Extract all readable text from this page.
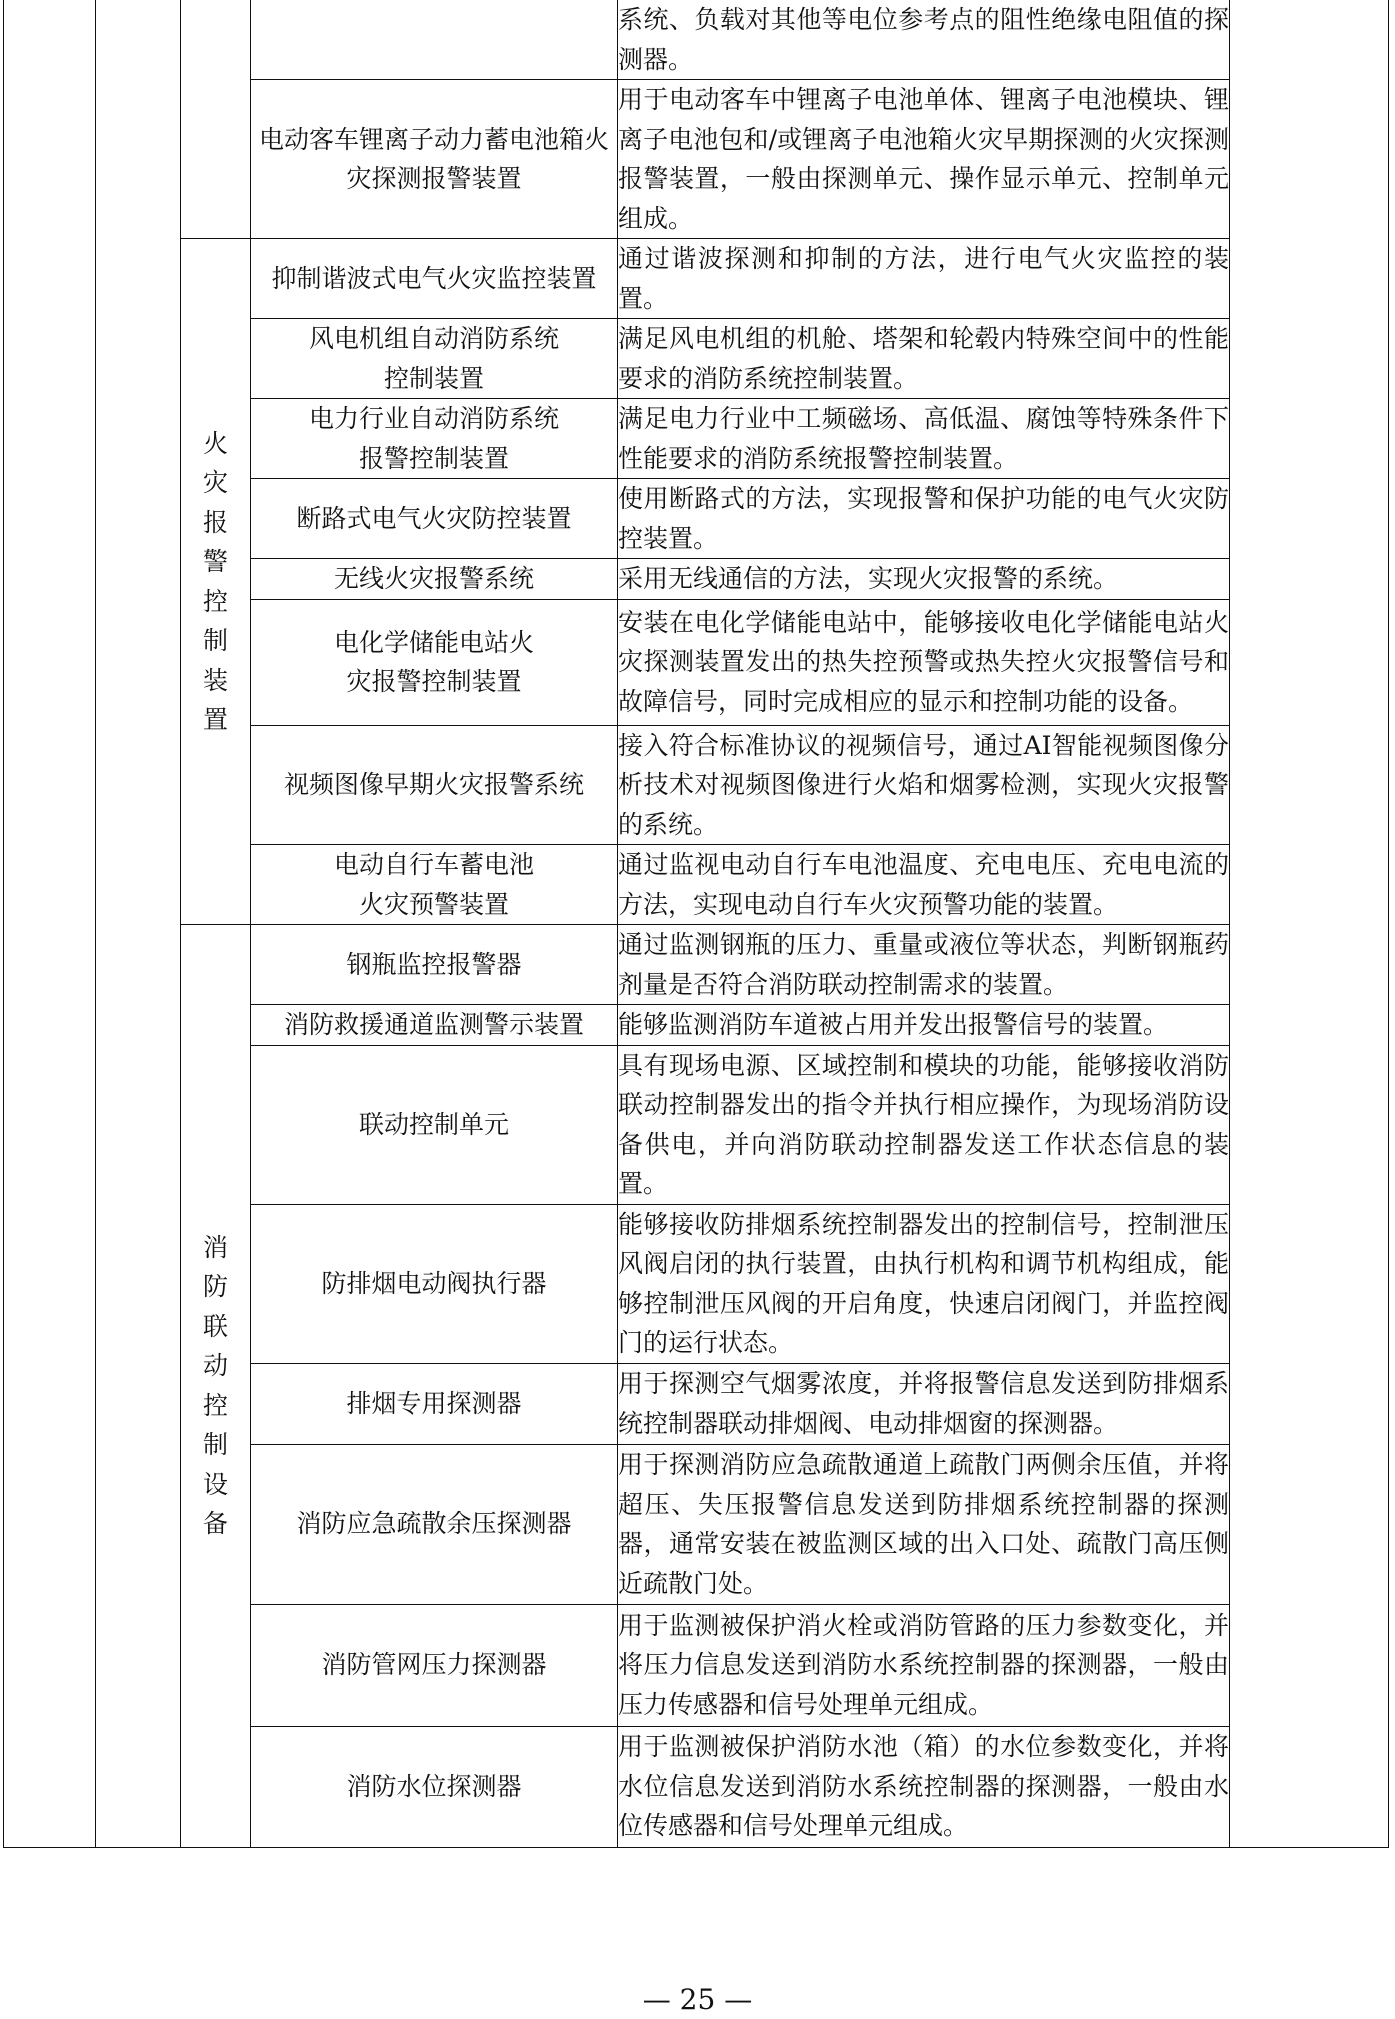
				系统、负载对其他等电位参考点的阻性绝缘电阻值的探测器。	
			电动客车锂离子动力蓄电池箱火灾探测报警装置	用于电动客车中锂离子电池单体、锂离子电池模块、锂离子电池包和/或锂离子电池箱火灾早期探测的火灾探测报警装置，一般由探测单元、操作显示单元、控制单元组成。	

		火灾报警控制装置	抑制谐波式电气火灾监控装置	通过谐波探测和抑制的方法，进行电气火灾监控的装置。	
			风电机组自动消防系统控制装置	满足风电机组的机舱、塔架和轮毂内特殊空间中的性能要求的消防系统控制装置。	
			电力行业自动消防系统报警控制装置	满足电力行业中工频磁场、高低温、腐蚀等特殊条件下性能要求的消防系统报警控制装置。	
			断路式电气火灾防控装置	使用断路式的方法，实现报警和保护功能的电气火灾防控装置。	
			无线火灾报警系统	采用无线通信的方法，实现火灾报警的系统。	
			电化学储能电站火灾报警控制装置	安装在电化学储能电站中，能够接收电化学储能电站火灾探测装置发出的热失控预警或热失控火灾报警信号和故障信号，同时完成相应的显示和控制功能的设备。	
			视频图像早期火灾报警系统	接入符合标准协议的视频信号，通过AI智能视频图像分析技术对视频图像进行火焰和烟雾检测，实现火灾报警的系统。	
			电动自行车蓄电池火灾预警装置	通过监视电动自行车电池温度、充电电压、充电电流的方法，实现电动自行车火灾预警功能的装置。	

		消防联动控制设备	钢瓶监控报警器	通过监测钢瓶的压力、重量或液位等状态，判断钢瓶药剂量是否符合消防联动控制需求的装置。	
			消防救援通道监测警示装置	能够监测消防车道被占用并发出报警信号的装置。	
			联动控制单元	具有现场电源、区域控制和模块的功能，能够接收消防联动控制器发出的指令并执行相应操作，为现场消防设备供电，并向消防联动控制器发送工作状态信息的装置。	
			防排烟电动阀执行器	能够接收防排烟系统控制器发出的控制信号，控制泄压风阀启闭的执行装置，由执行机构和调节机构组成，能够控制泄压风阀的开启角度，快速启闭阀门，并监控阀门的运行状态。	
			排烟专用探测器	用于探测空气烟雾浓度，并将报警信息发送到防排烟系统控制器联动排烟阀、电动排烟窗的探测器。	
			消防应急疏散余压探测器	用于探测消防应急疏散通道上疏散门两侧余压值，并将超压、失压报警信息发送到防排烟系统控制器的探测器，通常安装在被监测区域的出入口处、疏散门高压侧近疏散门处。	
			消防管网压力探测器	用于监测被保护消火栓或消防管路的压力参数变化，并将压力信息发送到消防水系统控制器的探测器，一般由压力传感器和信号处理单元组成。	
			消防水位探测器	用于监测被保护消防水池（箱）的水位参数变化，并将水位信息发送到消防水系统控制器的探测器，一般由水位传感器和信号处理单元组成。	
— 25 —
